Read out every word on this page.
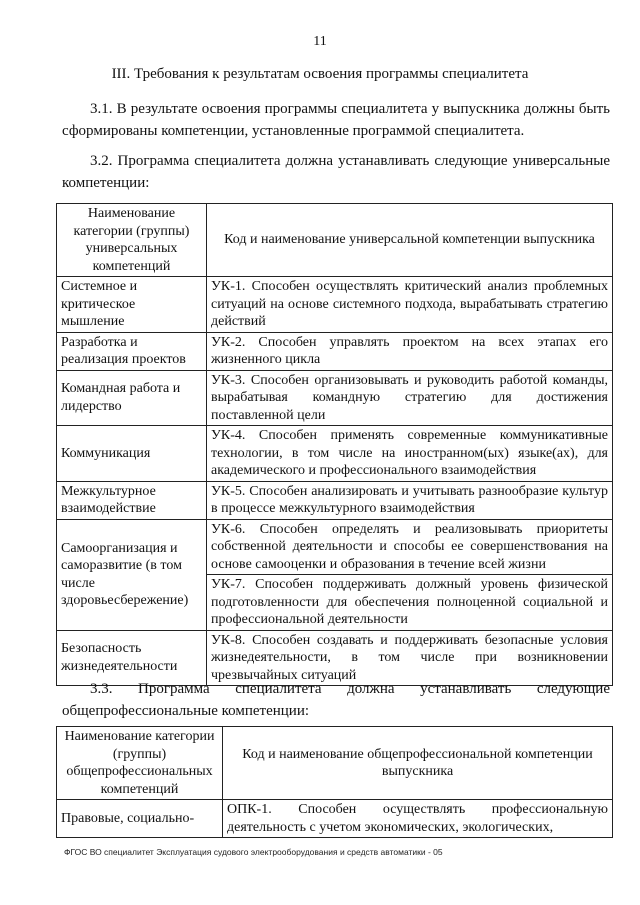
11
III. Требования к результатам освоения программы специалитета
3.1. В результате освоения программы специалитета у выпускника должны быть сформированы компетенции, установленные программой специалитета.
3.2. Программа специалитета должна устанавливать следующие универсальные компетенции:
Наименование категории (группы) универсальных компетенций	Код и наименование универсальной компетенции выпускника
Системное и критическое мышление	УК-1. Способен осуществлять критический анализ проблемных ситуаций на основе системного подхода, вырабатывать стратегию действий
Разработка и реализация проектов	УК-2. Способен управлять проектом на всех этапах его жизненного цикла
Командная работа и лидерство	УК-3. Способен организовывать и руководить работой команды, вырабатывая командную стратегию для достижения поставленной цели
Коммуникация	УК-4. Способен применять современные коммуникативные технологии, в том числе на иностранном(ых) языке(ах), для академического и профессионального взаимодействия
Межкультурное взаимодействие	УК-5. Способен анализировать и учитывать разнообразие культур в процессе межкультурного взаимодействия
Самоорганизация и саморазвитие (в том числе здоровьесбережение)	УК-6. Способен определять и реализовывать приоритеты собственной деятельности и способы ее совершенствования на основе самооценки и образования в течение всей жизни
	УК-7. Способен поддерживать должный уровень физической подготовленности для обеспечения полноценной социальной и профессиональной деятельности
Безопасность жизнедеятельности	УК-8. Способен создавать и поддерживать безопасные условия жизнедеятельности, в том числе при возникновении чрезвычайных ситуаций
3.3. Программа специалитета должна устанавливать следующие общепрофессиональные компетенции:
Наименование категории (группы) общепрофессиональных компетенций	Код и наименование общепрофессиональной компетенции выпускника
Правовые, социально-	ОПК-1. Способен осуществлять профессиональную деятельность с учетом экономических, экологических,
ФГОС ВО специалитет Эксплуатация судового электрооборудования и средств автоматики - 05
